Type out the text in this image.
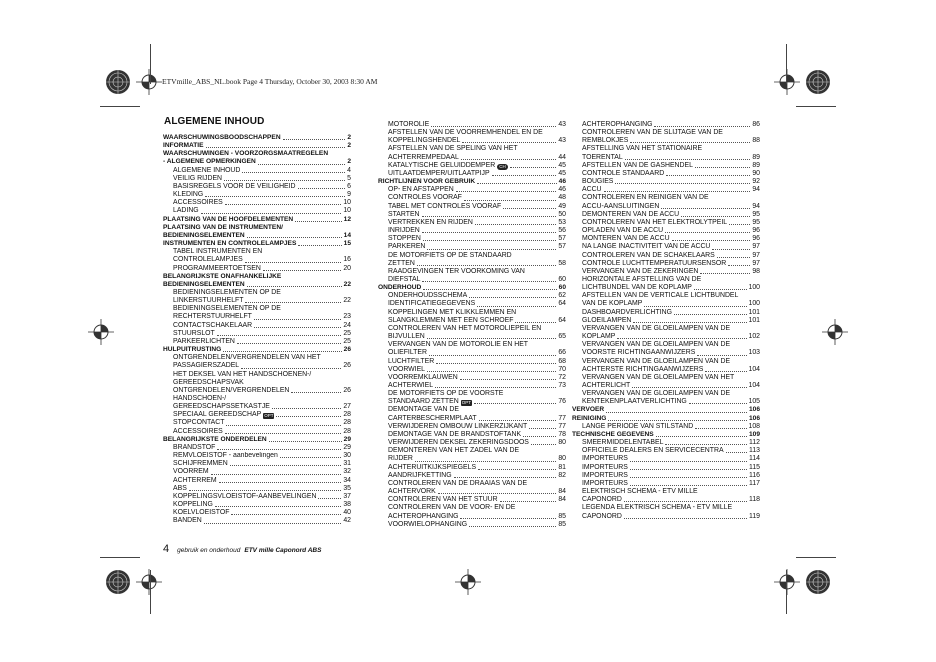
ETVmille_ABS_NL.book Page 4 Thursday, October 30, 2003 8:30 AM
ALGEMENE INHOUD
WAARSCHUWINGSBOODSCHAPPEN	2
INFORMATIE	2
WAARSCHUWINGEN - VOORZORGSMAATREGELEN
- ALGEMENE OPMERKINGEN	2
ALGEMENE INHOUD	4
VEILIG RIJDEN	5
BASISREGELS VOOR DE VEILIGHEID	6
KLEDING	9
ACCESSOIRES	10
LADING	10
PLAATSING VAN DE HOOFDELEMENTEN	12
PLAATSING VAN DE INSTRUMENTEN/
BEDIENINGSELEMENTEN	14
INSTRUMENTEN EN CONTROLELAMPJES	15
TABEL INSTRUMENTEN EN
CONTROLELAMPJES	16
PROGRAMMEERTOETSEN	20
BELANGRIJKSTE ONAFHANKELIJKE
BEDIENINGSELEMENTEN	22
BEDIENINGSELEMENTEN OP DE
LINKERSTUURHELFT	22
BEDIENINGSELEMENTEN OP DE
RECHTERSTUURHELFT	23
CONTACTSCHAKELAAR	24
STUURSLOT	25
PARKEERLICHTEN	25
HULPUITRUSTING	26
ONTGRENDELEN/VERGRENDELEN VAN HET
PASSAGIERSZADEL	26
HET DEKSEL VAN HET HANDSCHOENEN-/
GEREEDSCHAPSVAK
ONTGRENDELEN/VERGRENDELEN	26
HANDSCHOEN-/
GEREEDSCHAPSSETKASTJE	27
SPECIAAL GEREEDSCHAP OPT	28
STOPCONTACT	28
ACCESSOIRES	28
BELANGRIJKSTE ONDERDELEN	29
BRANDSTOF	29
REMVLOEISTOF - aanbevelingen	30
SCHIJFREMMEN	31
VOORREM	32
ACHTERREM	34
ABS	35
KOPPELINGSVLOEISTOF-AANBEVELINGEN	37
KOPPELING	38
KOELVLOEISTOF	40
BANDEN	42
MOTOROLIE	43
AFSTELLEN VAN DE VOORREMHENDEL EN DE
KOPPELINGSHENDEL	43
AFSTELLEN VAN DE SPELING VAN HET
ACHTERREMPEDAAL	44
KATALYTISCHE GELUIDDEMPER CH	45
UITLAATDEMPER/UITLAATPIJP	45
RICHTLIJNEN VOOR GEBRUIK	46
OP- EN AFSTAPPEN	46
CONTROLES VOORAF	48
TABEL MET CONTROLES VOORAF	49
STARTEN	50
VERTREKKEN EN RIJDEN	53
INRIJDEN	56
STOPPEN	57
PARKEREN	57
DE MOTORFIETS OP DE STANDAARD
ZETTEN	58
RAADGEVINGEN TER VOORKOMING VAN
DIEFSTAL	60
ONDERHOUD	60
ONDERHOUDSSCHEMA	62
IDENTIFICATIEGEGEVENS	64
KOPPELINGEN MET KLIKKLEMMEN EN
SLANGKLEMMEN MET EEN SCHROEF	64
CONTROLEREN VAN HET MOTOROLIEPEIL EN
BIJVULLEN	65
VERVANGEN VAN DE MOTOROLIE EN HET
OLIEFILTER	66
LUCHTFILTER	68
VOORWIEL	70
VOORREMKLAUWEN	72
ACHTERWIEL	73
DE MOTORFIETS OP DE VOORSTE
STANDAARD ZETTEN OPT	76
DEMONTAGE VAN DE
CARTERBESCHERMPLAAT	77
VERWIJDEREN OMBOUW LINKERZIJKANT	77
DEMONTAGE VAN DE BRANDSTOFTANK	78
VERWIJDEREN DEKSEL ZEKERINGSDOOS	80
DEMONTEREN VAN HET ZADEL VAN DE
RIJDER	80
ACHTERUITKIJKSPIEGELS	81
AANDRIJFKETTING	82
CONTROLEREN VAN DE DRAAIAS VAN DE
ACHTERVORK	84
CONTROLEREN VAN HET STUUR	84
CONTROLEREN VAN DE VOOR- EN DE
ACHTEROPHANGING	85
VOORWIELOPHANGING	85
ACHTEROPHANGING	86
CONTROLEREN VAN DE SLIJTAGE VAN DE
REMBLOKJES	88
AFSTELLING VAN HET STATIONAIRE
TOERENTAL	89
AFSTELLEN VAN DE GASHENDEL	89
CONTROLE STANDAARD	90
BOUGIES	92
ACCU	94
CONTROLEREN EN REINIGEN VAN DE
ACCU-AANSLUITINGEN	94
DEMONTEREN VAN DE ACCU	95
CONTROLEREN VAN HET ELEKTROLYTPEIL	95
OPLADEN VAN DE ACCU	96
MONTEREN VAN DE ACCU	96
NA LANGE INACTIVITEIT VAN DE ACCU	97
CONTROLEREN VAN DE SCHAKELAARS	97
CONTROLE LUCHTTEMPERATUURSENSOR	97
VERVANGEN VAN DE ZEKERINGEN	98
HORIZONTALE AFSTELLING VAN DE
LICHTBUNDEL VAN DE KOPLAMP	100
AFSTELLEN VAN DE VERTICALE LICHTBUNDEL
VAN DE KOPLAMP	100
DASHBOARDVERLICHTING	101
GLOEILAMPEN	101
VERVANGEN VAN DE GLOEILAMPEN VAN DE
KOPLAMP	102
VERVANGEN VAN DE GLOEILAMPEN VAN DE
VOORSTE RICHTINGAANWIJZERS	103
VERVANGEN VAN DE GLOEILAMPEN VAN DE
ACHTERSTE RICHTINGAANWIJZERS	104
VERVANGEN VAN DE GLOEILAMPEN VAN HET
ACHTERLICHT	104
VERVANGEN VAN DE GLOEILAMPEN VAN DE
KENTEKENPLAATVERLICHTING	105
VERVOER	106
REINIGING	106
LANGE PERIODE VAN STILSTAND	108
TECHNISCHE GEGEVENS	109
SMEERMIDDELENTABEL	112
OFFICIËLE DEALERS EN SERVICECENTRA	113
IMPORTEURS	114
IMPORTEURS	115
IMPORTEURS	116
IMPORTEURS	117
ELEKTRISCH SCHEMA - ETV MILLE
CAPONORD	118
LEGENDA ELEKTRISCH SCHEMA - ETV MILLE
CAPONORD	119
4 gebruik en onderhoud ETV mille Caponord ABS
